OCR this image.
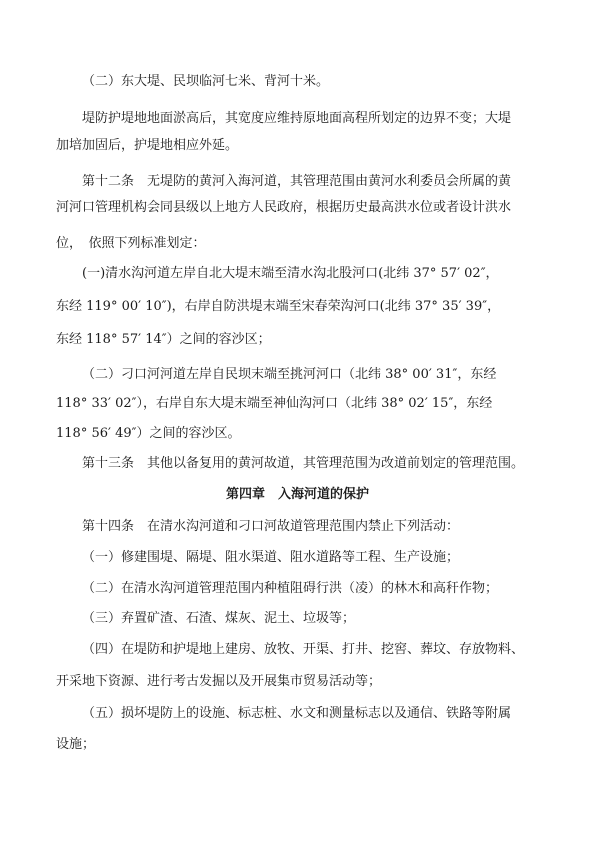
（二）东大堤、民坝临河七米、背河十米。
堤防护堤地地面淤高后，其宽度应维持原地面高程所划定的边界不变；大堤
加培加固后，护堤地相应外延。
第十二条　无堤防的黄河入海河道，其管理范围由黄河水利委员会所属的黄
河河口管理机构会同县级以上地方人民政府，根据历史最高洪水位或者设计洪水
位，　依照下列标准划定：
(一)清水沟河道左岸自北大堤末端至清水沟北股河口(北纬 37° 57′ 02″，
东经 119° 00′ 10″)，右岸自防洪堤末端至宋春荣沟河口(北纬 37° 35′ 39″，
东经 118° 57′ 14″）之间的容沙区；
（二）刁口河河道左岸自民坝末端至挑河河口（北纬 38° 00′ 31″，东经
118° 33′ 02″），右岸自东大堤末端至神仙沟河口（北纬 38° 02′ 15″，东经
118° 56′ 49″）之间的容沙区。
第十三条　其他以备复用的黄河故道，其管理范围为改道前划定的管理范围。
第四章　入海河道的保护
第十四条　在清水沟河道和刁口河故道管理范围内禁止下列活动：
（一）修建围堤、隔堤、阻水渠道、阻水道路等工程、生产设施；
（二）在清水沟河道管理范围内种植阻碍行洪（凌）的林木和高秆作物；
（三）弃置矿渣、石渣、煤灰、泥土、垃圾等；
（四）在堤防和护堤地上建房、放牧、开渠、打井、挖窖、葬坟、存放物料、
开采地下资源、进行考古发掘以及开展集市贸易活动等；
（五）损坏堤防上的设施、标志桩、水文和测量标志以及通信、铁路等附属
设施；
